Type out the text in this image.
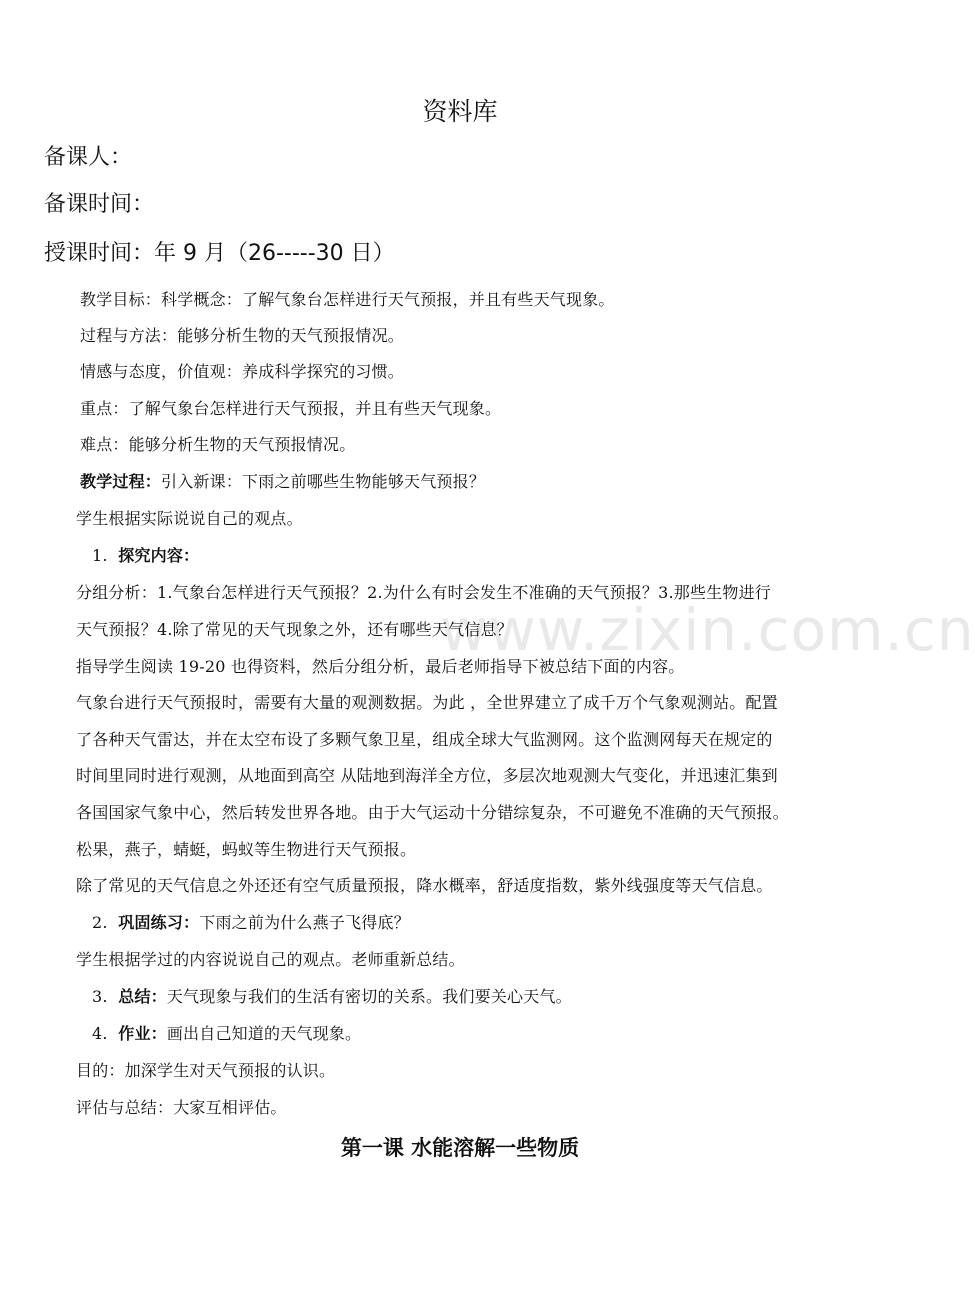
www.zixin.com.cn
资料库
备课人：
备课时间：
授课时间：年 9 月（26-----30 日）
教学目标：科学概念：了解气象台怎样进行天气预报，并且有些天气现象。
过程与方法：能够分析生物的天气预报情况。
情感与态度，价值观：养成科学探究的习惯。
重点：了解气象台怎样进行天气预报，并且有些天气现象。
难点：能够分析生物的天气预报情况。
教学过程：引入新课：下雨之前哪些生物能够天气预报？
学生根据实际说说自己的观点。
1. 探究内容：
分组分析：1.气象台怎样进行天气预报？2.为什么有时会发生不准确的天气预报？3.那些生物进行
天气预报？4.除了常见的天气现象之外，还有哪些天气信息？
指导学生阅读 19-20 也得资料，然后分组分析，最后老师指导下被总结下面的内容。
气象台进行天气预报时，需要有大量的观测数据。为此 ，全世界建立了成千万个气象观测站。配置
了各种天气雷达，并在太空布设了多颗气象卫星，组成全球大气监测网。这个监测网每天在规定的
时间里同时进行观测，从地面到高空 从陆地到海洋全方位，多层次地观测大气变化，并迅速汇集到
各国国家气象中心，然后转发世界各地。由于大气运动十分错综复杂，不可避免不准确的天气预报。
松果，燕子，蜻蜓，蚂蚁等生物进行天气预报。
除了常见的天气信息之外还还有空气质量预报，降水概率，舒适度指数，紫外线强度等天气信息。
2. 巩固练习：下雨之前为什么燕子飞得底？
学生根据学过的内容说说自己的观点。老师重新总结。
3. 总结：天气现象与我们的生活有密切的关系。我们要关心天气。
4. 作业：画出自己知道的天气现象。
目的：加深学生对天气预报的认识。
评估与总结：大家互相评估。
第一课 水能溶解一些物质
